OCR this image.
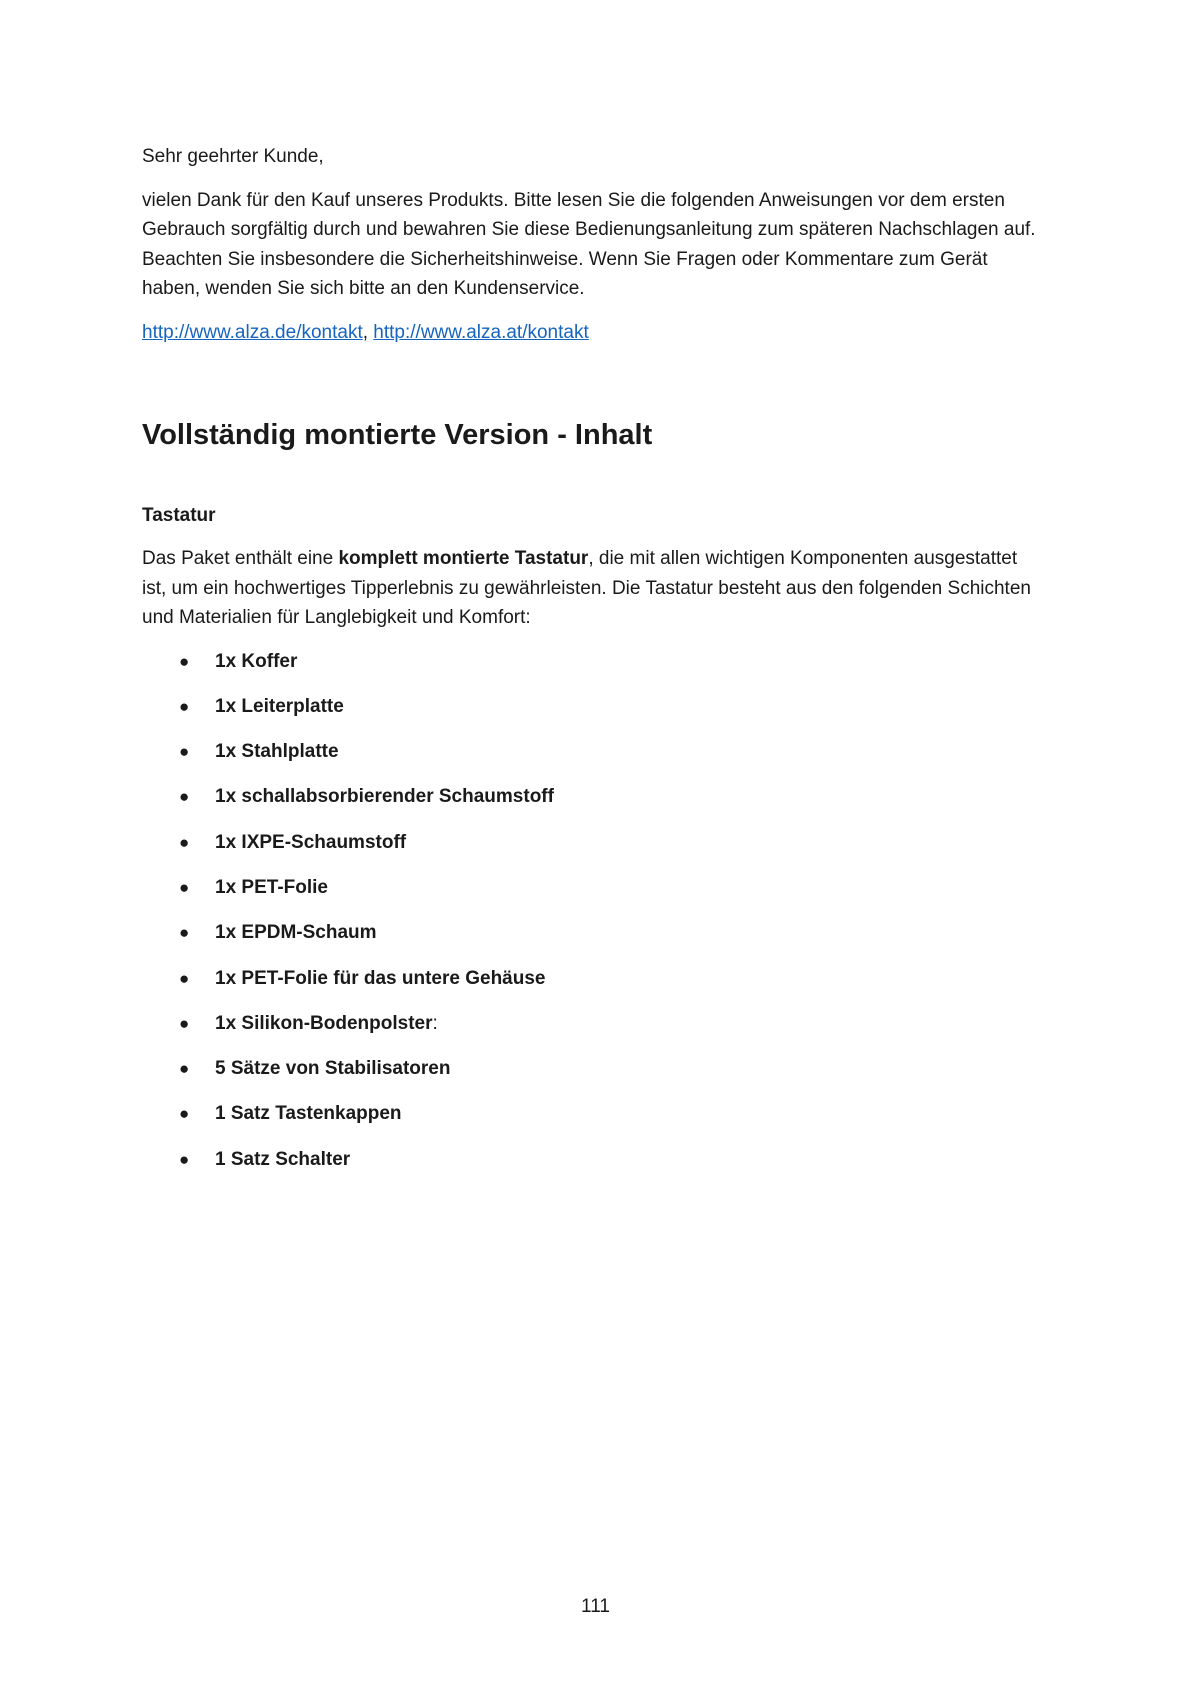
Sehr geehrter Kunde,

vielen Dank für den Kauf unseres Produkts. Bitte lesen Sie die folgenden Anweisungen vor dem ersten Gebrauch sorgfältig durch und bewahren Sie diese Bedienungsanleitung zum späteren Nachschlagen auf. Beachten Sie insbesondere die Sicherheitshinweise. Wenn Sie Fragen oder Kommentare zum Gerät haben, wenden Sie sich bitte an den Kundenservice.

http://www.alza.de/kontakt, http://www.alza.at/kontakt

Vollständig montierte Version - Inhalt
Tastatur

Das Paket enthält eine komplett montierte Tastatur, die mit allen wichtigen Komponenten ausgestattet ist, um ein hochwertiges Tipperlebnis zu gewährleisten. Die Tastatur besteht aus den folgenden Schichten und Materialien für Langlebigkeit und Komfort:

● 1x Koffer
● 1x Leiterplatte
● 1x Stahlplatte
● 1x schallabsorbierender Schaumstoff
● 1x IXPE-Schaumstoff
● 1x PET-Folie
● 1x EPDM-Schaum
● 1x PET-Folie für das untere Gehäuse
● 1x Silikon-Bodenpolster:
● 5 Sätze von Stabilisatoren
● 1 Satz Tastenkappen
● 1 Satz Schalter
111
